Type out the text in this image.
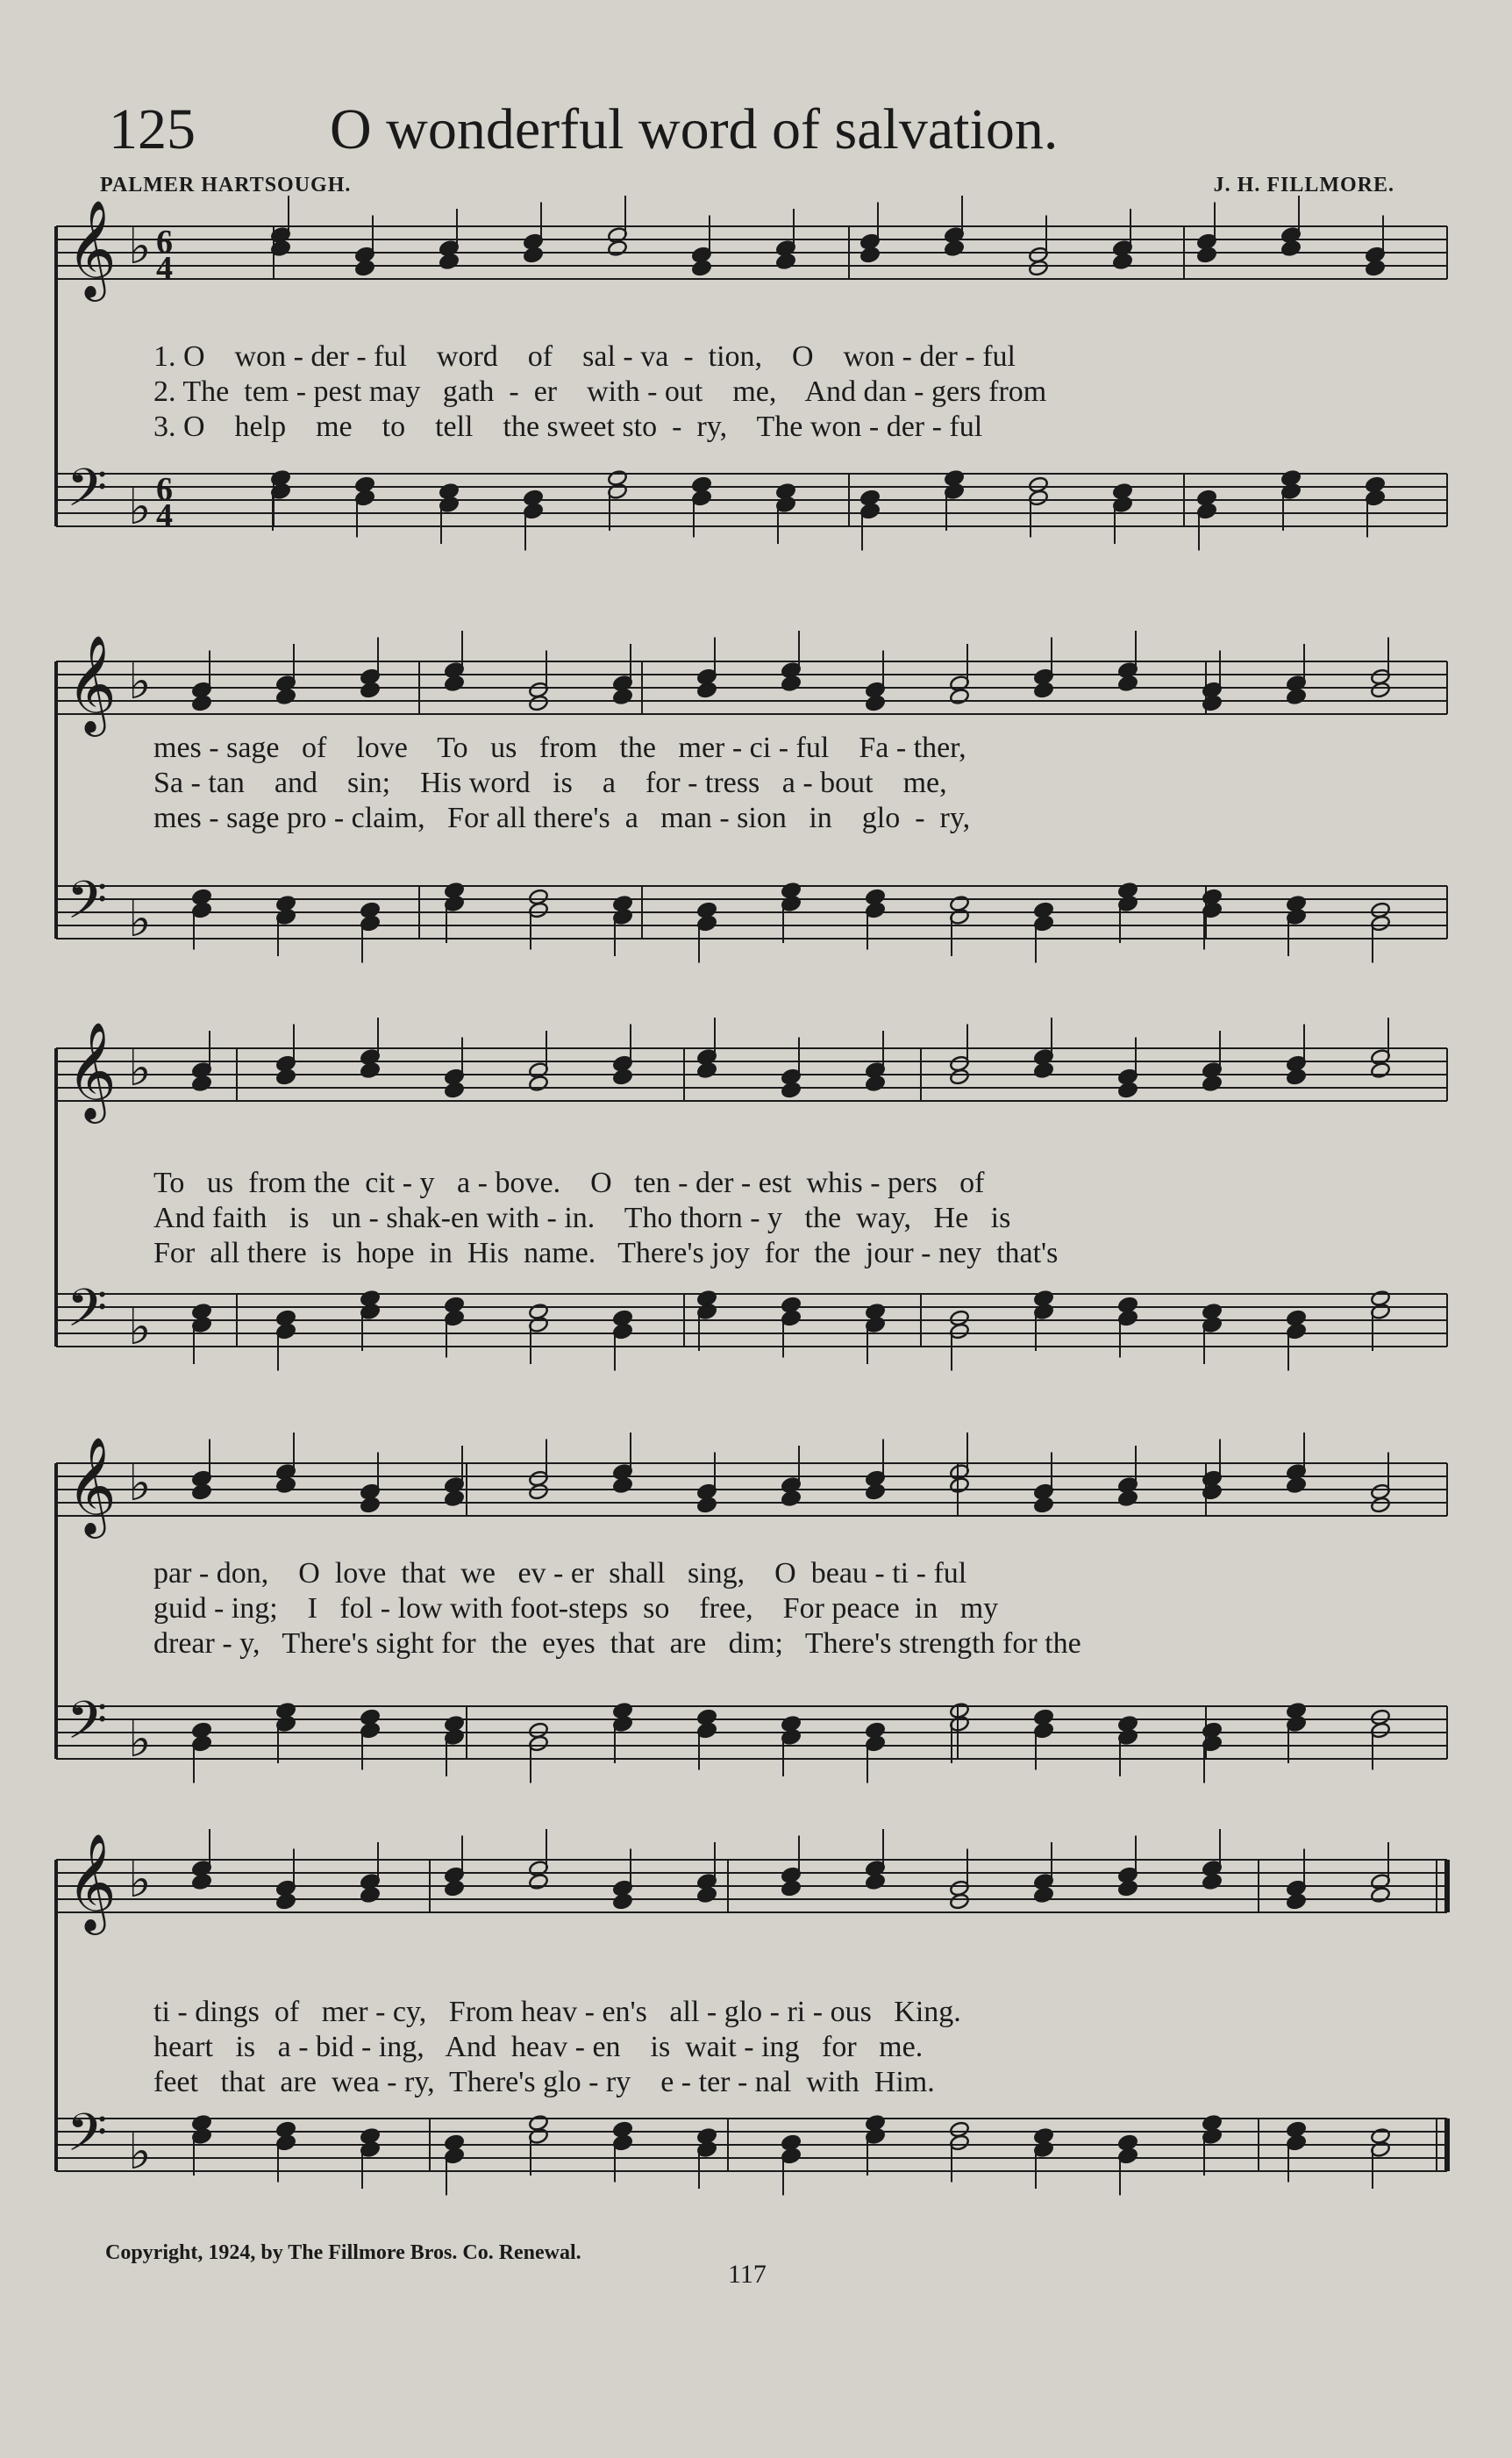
125 O wonderful word of salvation.
PALMER HARTSOUGH.	J. H. FILLMORE.
𝄞
𝄢
♭
♭
6
4
6
4
𝄞
𝄢
♭
♭
𝄞
𝄢
♭
♭
𝄞
𝄢
♭
♭
𝄞
𝄢
♭
♭
1. O    won - der - ful    word    of    sal - va  -  tion,    O    won - der - ful
2. The  tem - pest may   gath  -  er    with - out    me,    And dan - gers from
3. O    help    me    to    tell    the sweet sto  -  ry,    The won - der - ful
mes - sage   of    love    To   us   from   the   mer - ci - ful    Fa - ther,
Sa - tan    and    sin;    His word   is    a    for - tress   a - bout    me,
mes - sage pro - claim,   For all there's  a   man - sion   in    glo  -  ry,
To   us  from the  cit - y   a - bove.    O   ten - der - est  whis - pers   of
And faith   is   un - shak-en with - in.    Tho thorn - y   the  way,   He   is
For  all there  is  hope  in  His  name.   There's joy  for  the  jour - ney  that's
par - don,    O  love  that  we   ev - er  shall   sing,    O  beau - ti - ful
guid - ing;    I   fol - low with foot-steps  so    free,    For peace  in   my
drear - y,   There's sight for  the  eyes  that  are   dim;   There's strength for the
ti - dings  of   mer - cy,   From heav - en's   all - glo - ri - ous   King.
heart   is   a - bid - ing,   And  heav - en    is  wait - ing   for   me.
feet   that  are  wea - ry,  There's glo - ry    e - ter - nal  with  Him.
Copyright, 1924, by The Fillmore Bros. Co. Renewal.
117
